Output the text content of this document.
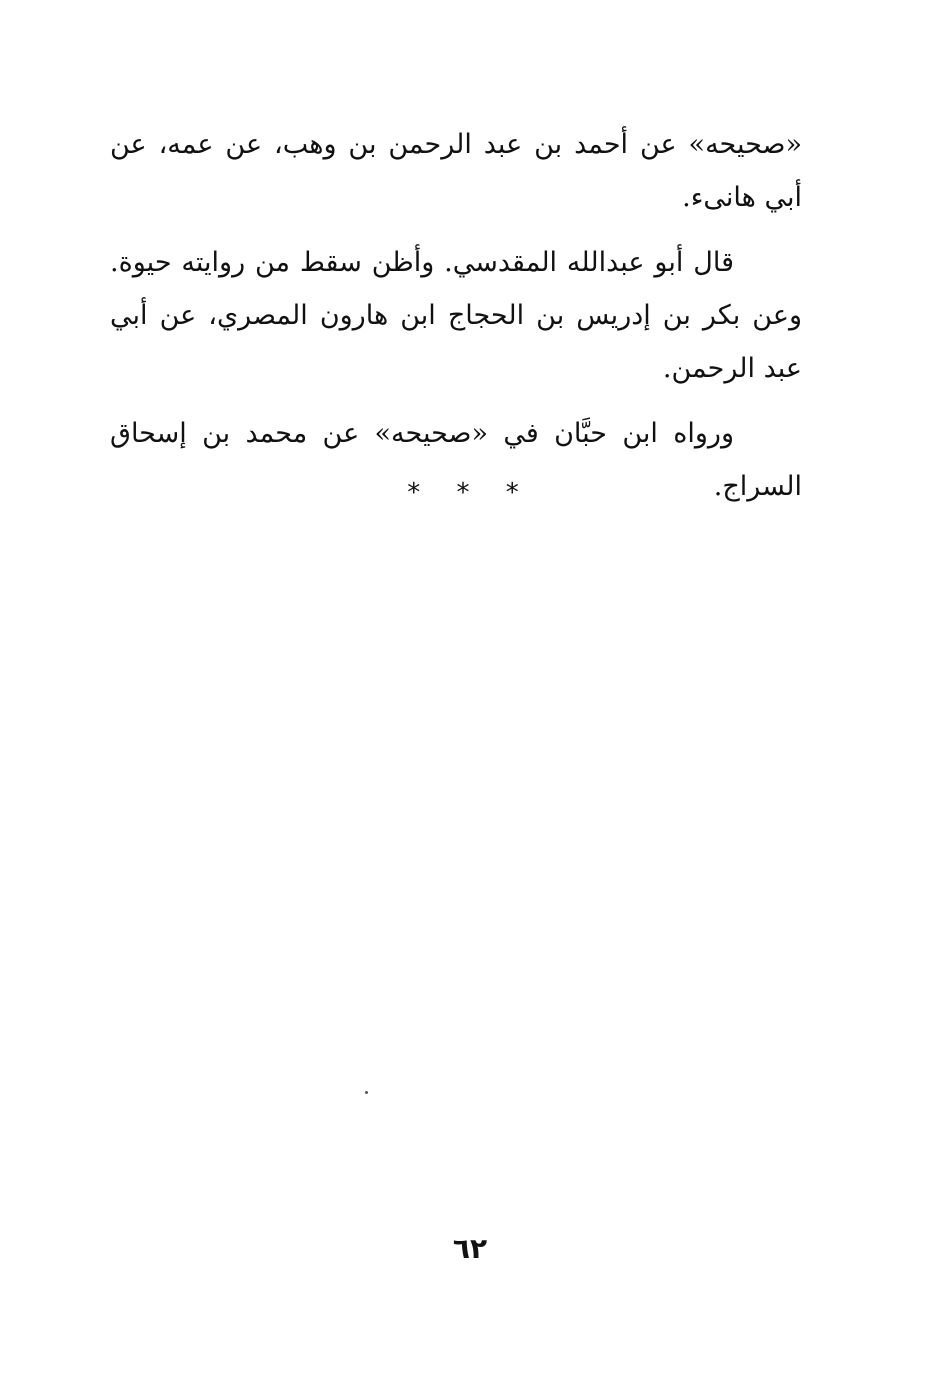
«صحيحه» عن أحمد بن عبد الرحمن بن وهب، عن عمه، عن أبي هانىء.

قال أبو عبدالله المقدسي. وأظن سقط من روايته حيوة. وعن بكر بن إدريس بن الحجاج ابن هارون المصري، عن أبي عبد الرحمن.

ورواه ابن حبَّان في «صحيحه» عن محمد بن إسحاق السراج.

* * *
٦٢
